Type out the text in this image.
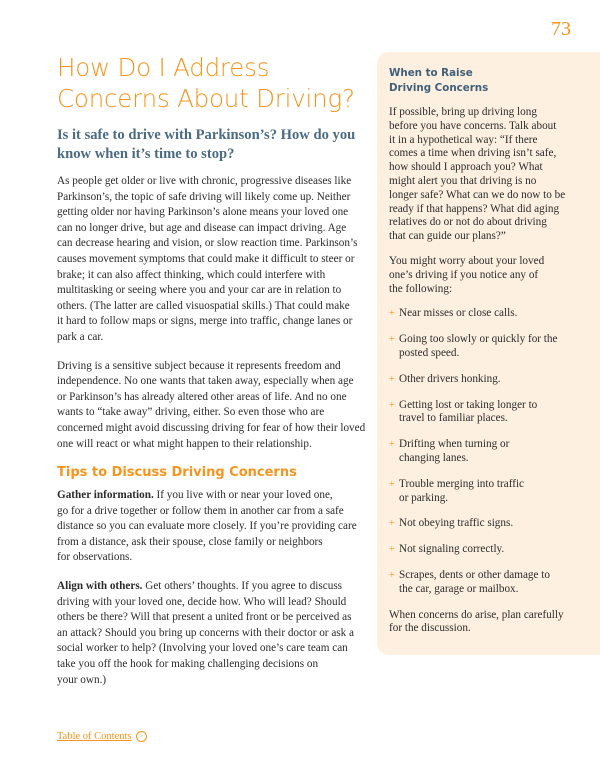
73
How Do I Address
Concerns About Driving?
Is it safe to drive with Parkinson’s? How do you
know when it’s time to stop?

As people get older or live with chronic, progressive diseases like
Parkinson’s, the topic of safe driving will likely come up. Neither
getting older nor having Parkinson’s alone means your loved one
can no longer drive, but age and disease can impact driving. Age
can decrease hearing and vision, or slow reaction time. Parkinson’s
causes movement symptoms that could make it difficult to steer or
brake; it can also affect thinking, which could interfere with
multitasking or seeing where you and your car are in relation to
others. (The latter are called visuospatial skills.) That could make
it hard to follow maps or signs, merge into traffic, change lanes or
park a car.

Driving is a sensitive subject because it represents freedom and
independence. No one wants that taken away, especially when age
or Parkinson’s has already altered other areas of life. And no one
wants to “take away” driving, either. So even those who are
concerned might avoid discussing driving for fear of how their loved
one will react or what might happen to their relationship.

Tips to Discuss Driving Concerns

Gather information. If you live with or near your loved one,
go for a drive together or follow them in another car from a safe
distance so you can evaluate more closely. If you’re providing care
from a distance, ask their spouse, close family or neighbors
for observations.

Align with others. Get others’ thoughts. If you agree to discuss
driving with your loved one, decide how. Who will lead? Should
others be there? Will that present a united front or be perceived as
an attack? Should you bring up concerns with their doctor or ask a
social worker to help? (Involving your loved one’s care team can
take you off the hook for making challenging decisions on
your own.)

When to Raise
Driving Concerns

If possible, bring up driving long
before you have concerns. Talk about
it in a hypothetical way: “If there
comes a time when driving isn’t safe,
how should I approach you? What
might alert you that driving is no
longer safe? What can we do now to be
ready if that happens? What did aging
relatives do or not do about driving
that can guide our plans?”

You might worry about your loved
one’s driving if you notice any of
the following:

+ Near misses or close calls.
+ Going too slowly or quickly for the
posted speed.
+ Other drivers honking.
+ Getting lost or taking longer to
travel to familiar places.
+ Drifting when turning or
changing lanes.
+ Trouble merging into traffic
or parking.
+ Not obeying traffic signs.
+ Not signaling correctly.
+ Scrapes, dents or other damage to
the car, garage or mailbox.

When concerns do arise, plan carefully
for the discussion.

Table of Contents >
